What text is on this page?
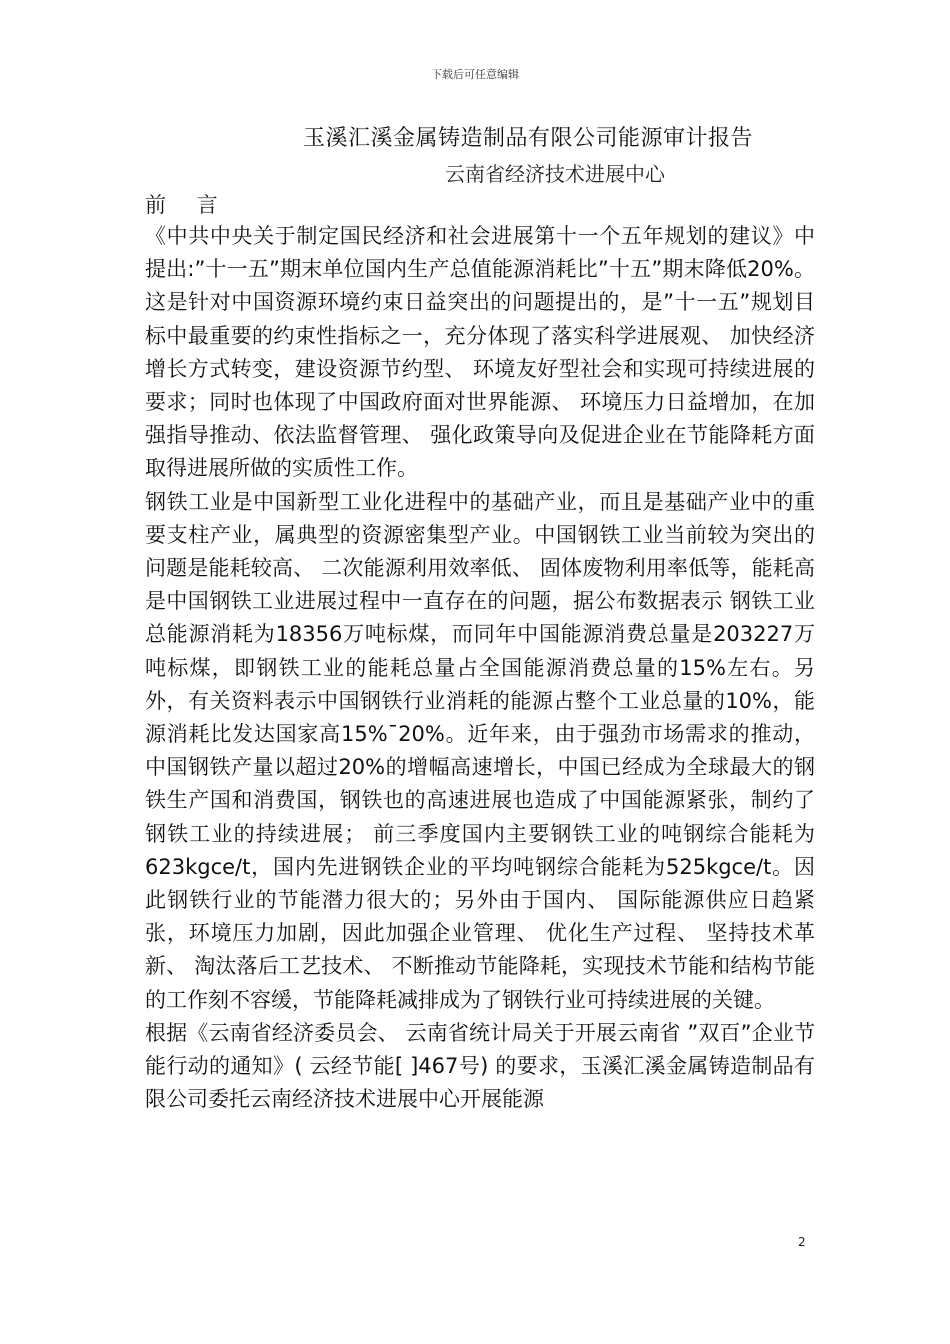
下载后可任意编辑
玉溪汇溪金属铸造制品有限公司能源审计报告
云南省经济技术进展中心
前 言

《中共中央关于制定国民经济和社会进展第十一个五年规划的建议》中提出:”十一五”期末单位国内生产总值能源消耗比”十五”期末降低20%。这是针对中国资源环境约束日益突出的问题提出的，是”十一五”规划目标中最重要的约束性指标之一，充分体现了落实科学进展观、 加快经济增长方式转变，建设资源节约型、 环境友好型社会和实现可持续进展的要求；同时也体现了中国政府面对世界能源、 环境压力日益增加，在加强指导推动、依法监督管理、 强化政策导向及促进企业在节能降耗方面取得进展所做的实质性工作。

钢铁工业是中国新型工业化进程中的基础产业，而且是基础产业中的重要支柱产业，属典型的资源密集型产业。中国钢铁工业当前较为突出的问题是能耗较高、 二次能源利用效率低、 固体废物利用率低等，能耗高是中国钢铁工业进展过程中一直存在的问题，据公布数据表示 钢铁工业总能源消耗为18356万吨标煤，而同年中国能源消费总量是203227万吨标煤，即钢铁工业的能耗总量占全国能源消费总量的15%左右。另外，有关资料表示中国钢铁行业消耗的能源占整个工业总量的10%，能源消耗比发达国家高15%¯20%。近年来，由于强劲市场需求的推动，中国钢铁产量以超过20%的增幅高速增长，中国已经成为全球最大的钢铁生产国和消费国，钢铁也的高速进展也造成了中国能源紧张，制约了钢铁工业的持续进展； 前三季度国内主要钢铁工业的吨钢综合能耗为623kgce/t，国内先进钢铁企业的平均吨钢综合能耗为525kgce/t。因此钢铁行业的节能潜力很大的；另外由于国内、 国际能源供应日趋紧张，环境压力加剧，因此加强企业管理、 优化生产过程、 坚持技术革新、 淘汰落后工艺技术、 不断推动节能降耗，实现技术节能和结构节能的工作刻不容缓，节能降耗减排成为了钢铁行业可持续进展的关键。

根据《云南省经济委员会、 云南省统计局关于开展云南省 ”双百”企业节能行动的通知》( 云经节能[ ]467号) 的要求，玉溪汇溪金属铸造制品有限公司委托云南经济技术进展中心开展能源

2
